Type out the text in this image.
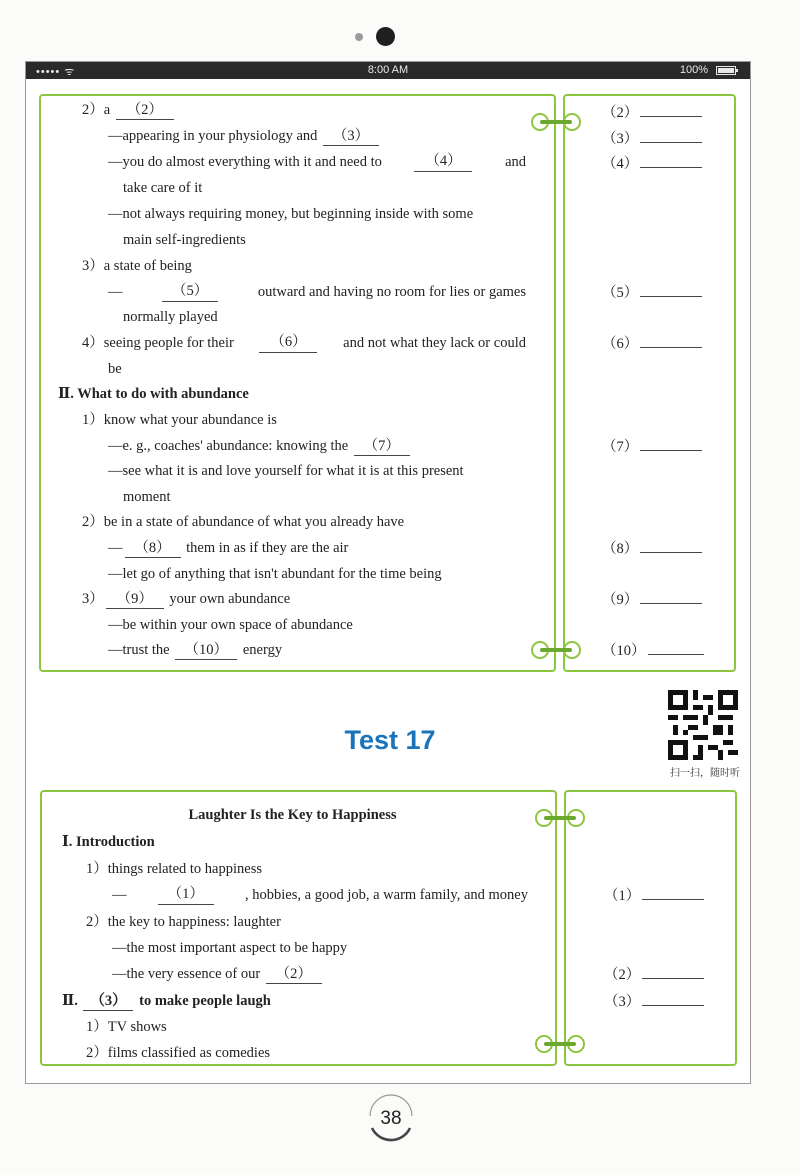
••••• ᯤ	8:00 AM	100%
2）a （2）
—appearing in your physiology and （3）
—you do almost everything with it and need to	（4）	and
take care of it
—not always requiring money, but beginning inside with some
main self-ingredients
3）a state of being
—	（5）	outward and having no room for lies or games
normally played
4）seeing people for their	（6）	and not what they lack or could
be
Ⅱ. What to do with abundance
1）know what your abundance is
—e. g., coaches' abundance: knowing the （7）
—see what it is and love yourself for what it is at this present
moment
2）be in a state of abundance of what you already have
— （8） them in as if they are the air
—let go of anything that isn't abundant for the time being
3） （9） your own abundance
—be within your own space of abundance
—trust the （10） energy
（2）
（3）
（4）
（5）
（6）
（7）
（8）
（9）
（10）
Test 17
扫一扫，随时听
Laughter Is the Key to Happiness
Ⅰ. Introduction
1）things related to happiness
—	（1）	, hobbies, a good job, a warm family, and money
2）the key to happiness: laughter
—the most important aspect to be happy
—the very essence of our （2）
Ⅱ. （3） to make people laugh
1）TV shows
2）films classified as comedies
（1）
（2）
（3）
38
